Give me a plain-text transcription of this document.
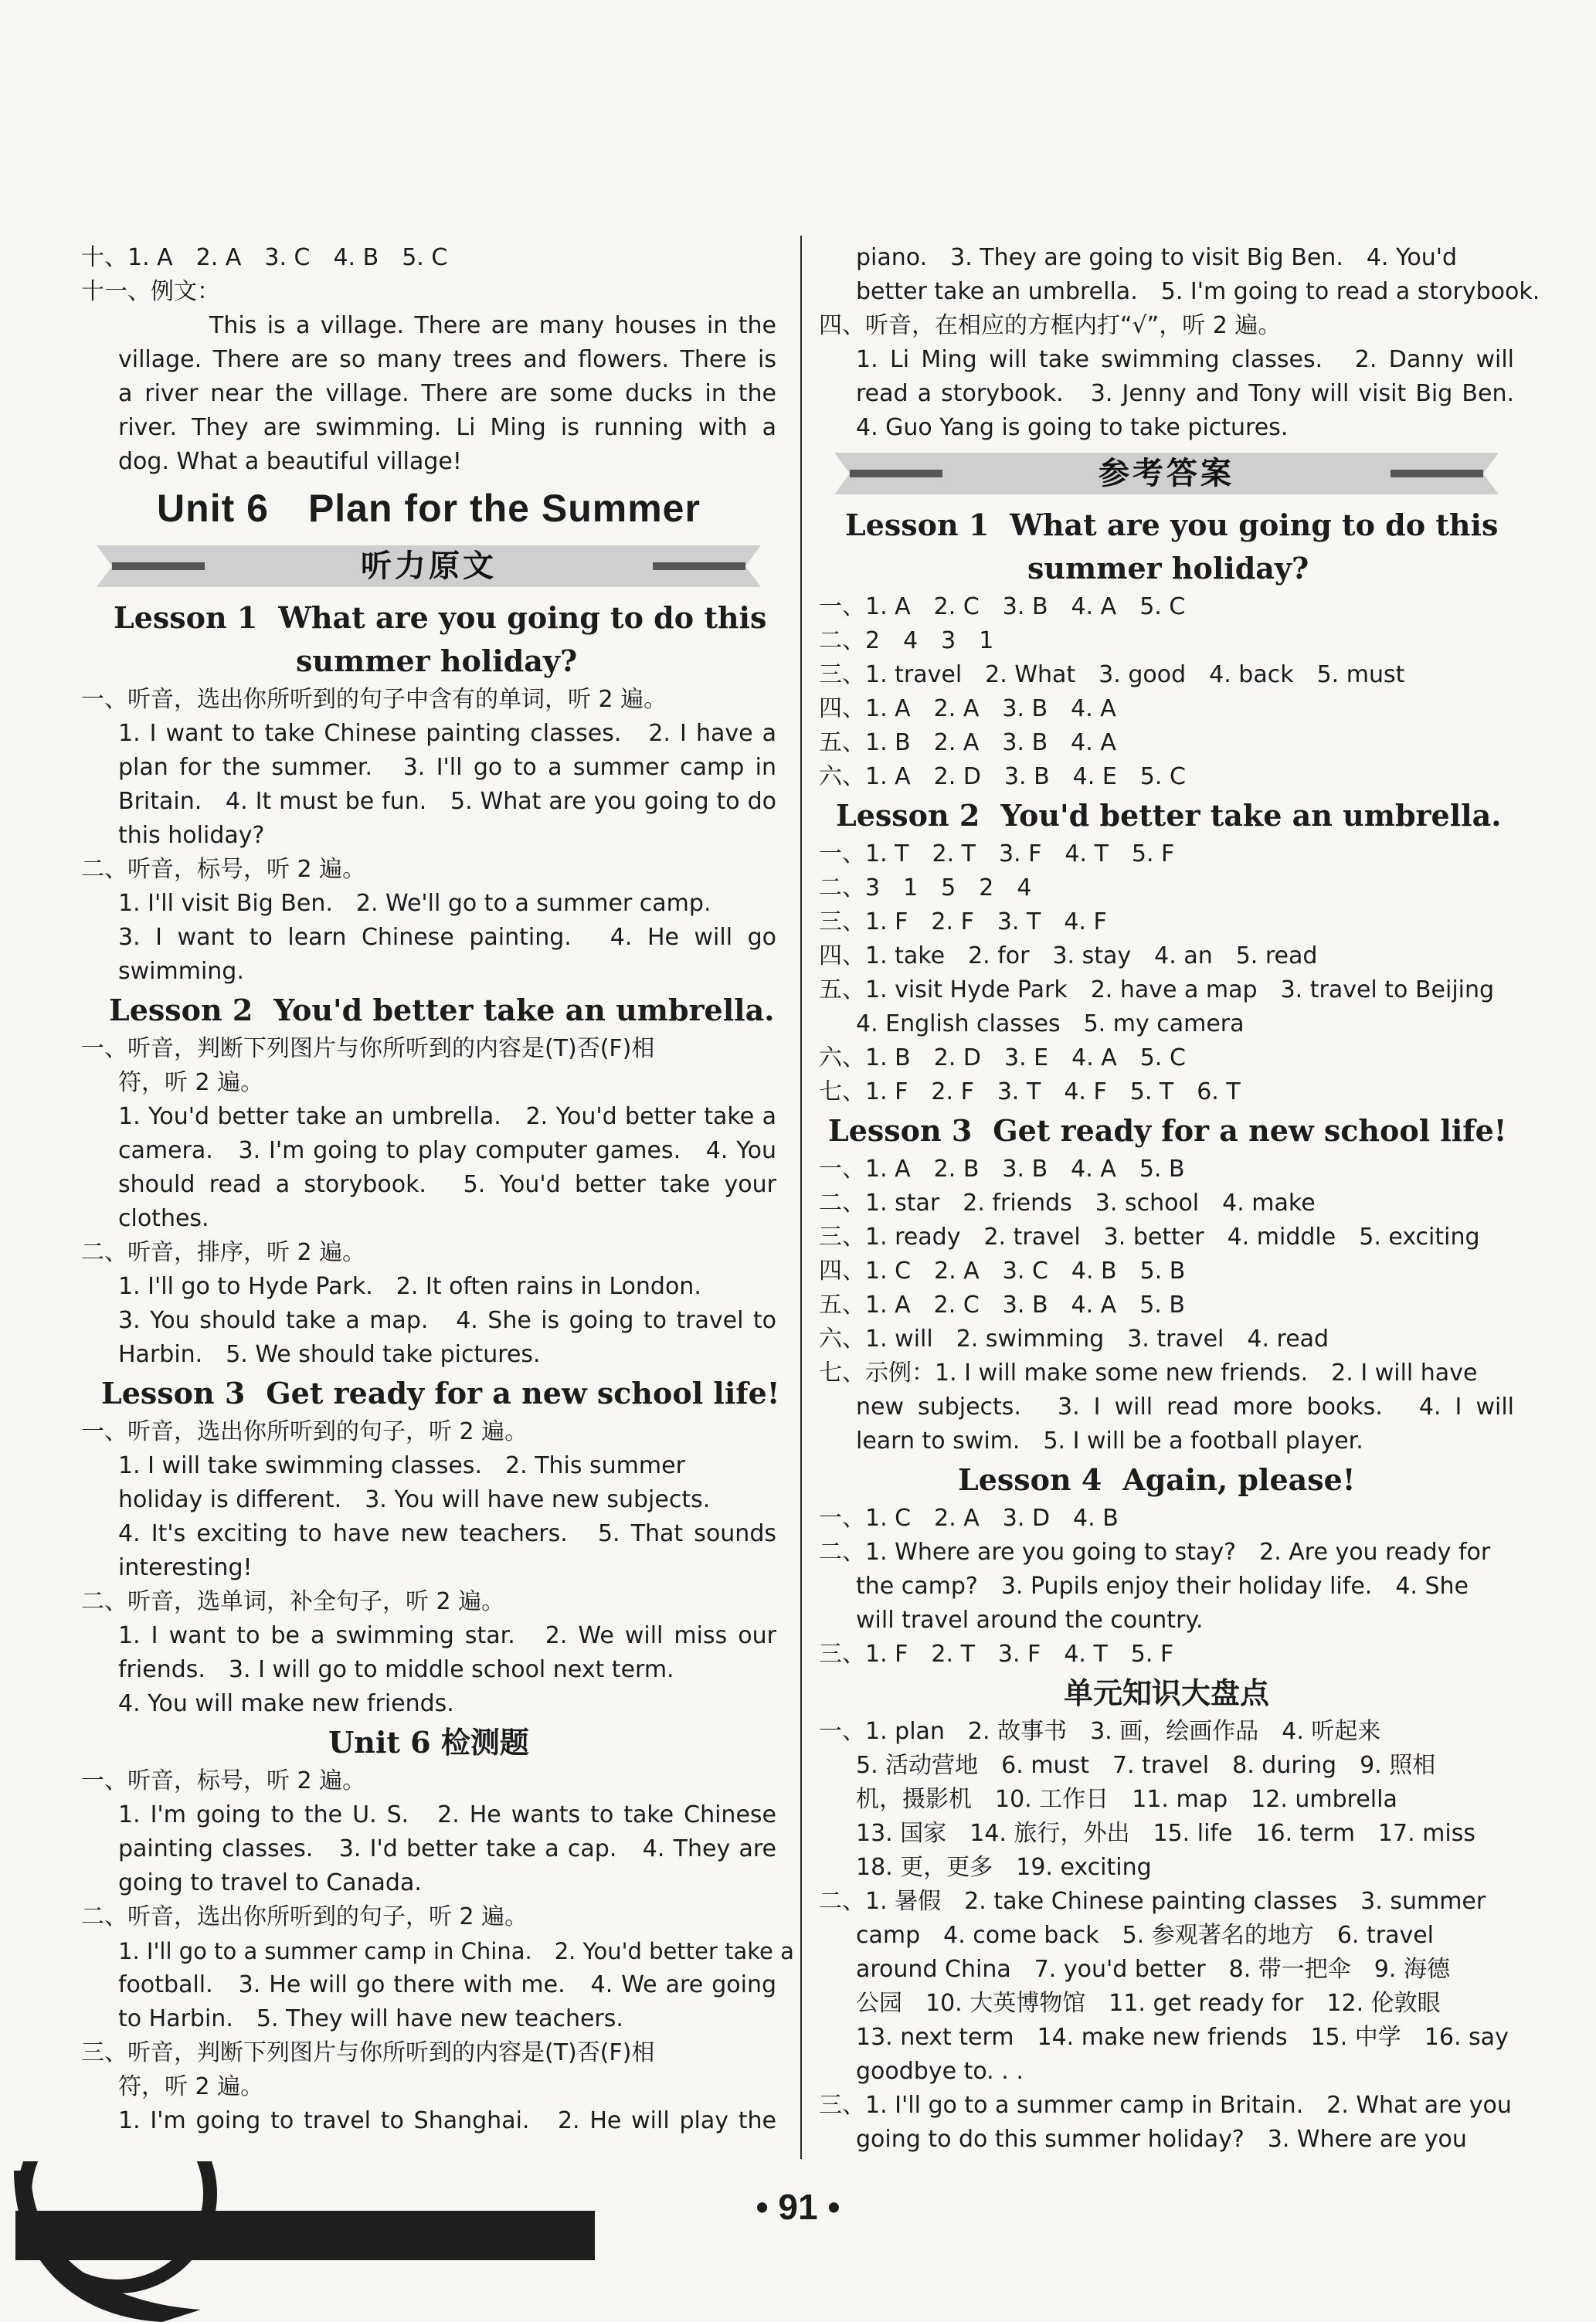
十、1. A　2. A　3. C　4. B　5. C
十一、例文：
This is a village. There are many houses in the
village. There are so many trees and flowers. There is
a river near the village. There are some ducks in the
river. They are swimming. Li Ming is running with a
dog. What a beautiful village!
Unit 6　Plan for the Summer
听力原文
Lesson 1 What are you going to do this
summer holiday?
一、听音，选出你所听到的句子中含有的单词，听 2 遍。
1. I want to take Chinese painting classes.　2. I have a
plan for the summer.　3. I'll go to a summer camp in
Britain.　4. It must be fun.　5. What are you going to do
this holiday?
二、听音，标号，听 2 遍。
1. I'll visit Big Ben.　2. We'll go to a summer camp.
3. I want to learn Chinese painting.　4. He will go
swimming.
Lesson 2 You'd better take an umbrella.
一、听音，判断下列图片与你所听到的内容是(T)否(F)相
符，听 2 遍。
1. You'd better take an umbrella.　2. You'd better take a
camera.　3. I'm going to play computer games.　4. You
should read a storybook.　5. You'd better take your
clothes.
二、听音，排序，听 2 遍。
1. I'll go to Hyde Park.　2. It often rains in London.
3. You should take a map.　4. She is going to travel to
Harbin.　5. We should take pictures.
Lesson 3 Get ready for a new school life!
一、听音，选出你所听到的句子，听 2 遍。
1. I will take swimming classes.　2. This summer
holiday is different.　3. You will have new subjects.
4. It's exciting to have new teachers.　5. That sounds
interesting!
二、听音，选单词，补全句子，听 2 遍。
1. I want to be a swimming star.　2. We will miss our
friends.　3. I will go to middle school next term.
4. You will make new friends.
Unit 6 检测题
一、听音，标号，听 2 遍。
1. I'm going to the U. S.　2. He wants to take Chinese
painting classes.　3. I'd better take a cap.　4. They are
going to travel to Canada.
二、听音，选出你所听到的句子，听 2 遍。
1. I'll go to a summer camp in China.　2. You'd better take a
football.　3. He will go there with me.　4. We are going
to Harbin.　5. They will have new teachers.
三、听音，判断下列图片与你所听到的内容是(T)否(F)相
符，听 2 遍。
1. I'm going to travel to Shanghai.　2. He will play the
piano.　3. They are going to visit Big Ben.　4. You'd
better take an umbrella.　5. I'm going to read a storybook.
四、听音，在相应的方框内打“√”，听 2 遍。
1. Li Ming will take swimming classes.　2. Danny will
read a storybook.　3. Jenny and Tony will visit Big Ben.
4. Guo Yang is going to take pictures.
参考答案
Lesson 1 What are you going to do this
summer holiday?
一、1. A　2. C　3. B　4. A　5. C
二、2　4　3　1
三、1. travel　2. What　3. good　4. back　5. must
四、1. A　2. A　3. B　4. A
五、1. B　2. A　3. B　4. A
六、1. A　2. D　3. B　4. E　5. C
Lesson 2 You'd better take an umbrella.
一、1. T　2. T　3. F　4. T　5. F
二、3　1　5　2　4
三、1. F　2. F　3. T　4. F
四、1. take　2. for　3. stay　4. an　5. read
五、1. visit Hyde Park　2. have a map　3. travel to Beijing
4. English classes　5. my camera
六、1. B　2. D　3. E　4. A　5. C
七、1. F　2. F　3. T　4. F　5. T　6. T
Lesson 3 Get ready for a new school life!
一、1. A　2. B　3. B　4. A　5. B
二、1. star　2. friends　3. school　4. make
三、1. ready　2. travel　3. better　4. middle　5. exciting
四、1. C　2. A　3. C　4. B　5. B
五、1. A　2. C　3. B　4. A　5. B
六、1. will　2. swimming　3. travel　4. read
七、示例：1. I will make some new friends.　2. I will have
new subjects.　3. I will read more books.　4. I will
learn to swim.　5. I will be a football player.
Lesson 4 Again, please!
一、1. C　2. A　3. D　4. B
二、1. Where are you going to stay?　2. Are you ready for
the camp?　3. Pupils enjoy their holiday life.　4. She
will travel around the country.
三、1. F　2. T　3. F　4. T　5. F
单元知识大盘点
一、1. plan　2. 故事书　3. 画，绘画作品　4. 听起来
5. 活动营地　6. must　7. travel　8. during　9. 照相
机，摄影机　10. 工作日　11. map　12. umbrella
13. 国家　14. 旅行，外出　15. life　16. term　17. miss
18. 更，更多　19. exciting
二、1. 暑假　2. take Chinese painting classes　3. summer
camp　4. come back　5. 参观著名的地方　6. travel
around China　7. you'd better　8. 带一把伞　9. 海德
公园　10. 大英博物馆　11. get ready for　12. 伦敦眼
13. next term　14. make new friends　15. 中学　16. say
goodbye to. . .
三、1. I'll go to a summer camp in Britain.　2. What are you
going to do this summer holiday?　3. Where are you
• 91 •
